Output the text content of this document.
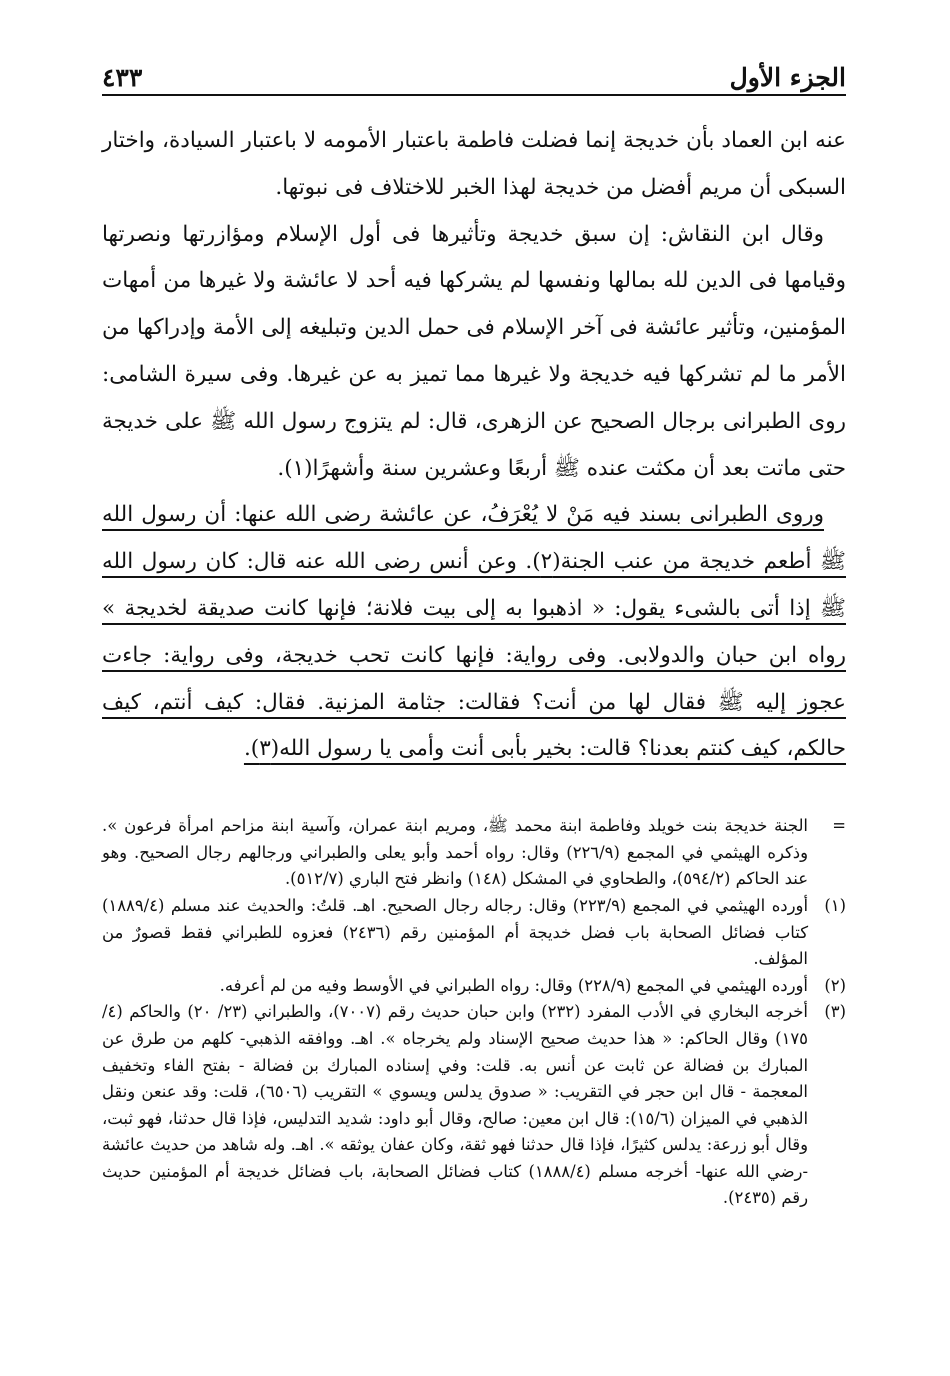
الجزء الأول
٤٣٣

عنه ابن العماد بأن خديجة إنما فضلت فاطمة باعتبار الأمومه لا باعتبار السيادة، واختار السبكى أن مريم أفضل من خديجة لهذا الخبر للاختلاف فى نبوتها.

وقال ابن النقاش: إن سبق خديجة وتأثيرها فى أول الإسلام ومؤازرتها ونصرتها وقيامها فى الدين لله بمالها ونفسها لم يشركها فيه أحد لا عائشة ولا غيرها من أمهات المؤمنين، وتأثير عائشة فى آخر الإسلام فى حمل الدين وتبليغه إلى الأمة وإدراكها من الأمر ما لم تشركها فيه خديجة ولا غيرها مما تميز به عن غيرها. وفى سيرة الشامى: روى الطبرانى برجال الصحيح عن الزهرى، قال: لم يتزوج رسول الله ﷺ على خديجة حتى ماتت بعد أن مكثت عنده ﷺ أربعًا وعشرين سنة وأشهرًا(١).

وروى الطبرانى بسند فيه مَنْ لا يُعْرَفُ، عن عائشة رضى الله عنها: أن رسول الله ﷺ أطعم خديجة من عنب الجنة(٢). وعن أنس رضى الله عنه قال: كان رسول الله ﷺ إذا أتى بالشىء يقول: « اذهبوا به إلى بيت فلانة؛ فإنها كانت صديقة لخديجة » رواه ابن حبان والدولابى. وفى رواية: فإنها كانت تحب خديجة، وفى رواية: جاءت عجوز إليه ﷺ فقال لها من أنت؟ فقالت: جثامة المزنية. فقال: كيف أنتم، كيف حالكم، كيف كنتم بعدنا؟ قالت: بخير بأبى أنت وأمى يا رسول الله(٣).

=
الجنة خديجة بنت خويلد وفاطمة ابنة محمد ﷺ، ومريم ابنة عمران، وآسية ابنة مزاحم امرأة فرعون ». وذكره الهيثمي في المجمع (٢٢٦/٩) وقال: رواه أحمد وأبو يعلى والطبراني ورجالهم رجال الصحيح. وهو عند الحاكم (٥٩٤/٢)، والطحاوي في المشكل (١٤٨) وانظر فتح الباري (٥١٢/٧).
(١)
أورده الهيثمي في المجمع (٢٢٣/٩) وقال: رجاله رجال الصحيح. اهـ. قلتُ: والحديث عند مسلم (١٨٨٩/٤) كتاب فضائل الصحابة باب فضل خديجة أم المؤمنين رقم (٢٤٣٦) فعزوه للطبراني فقط قصورٌ من المؤلف.
(٢)
أورده الهيثمي في المجمع (٢٢٨/٩) وقال: رواه الطبراني في الأوسط وفيه من لم أعرفه.
(٣)
أخرجه البخاري في الأدب المفرد (٢٣٢) وابن حبان حديث رقم (٧٠٠٧)، والطبراني (٢٣/ ٢٠) والحاكم (٤/ ١٧٥) وقال الحاكم: « هذا حديث صحيح الإسناد ولم يخرجاه ». اهـ. ووافقه الذهبي- كلهم من طرق عن المبارك بن فضالة عن ثابت عن أنس به. قلت: وفي إسناده المبارك بن فضالة - بفتح الفاء وتخفيف المعجمة - قال ابن حجر في التقريب: « صدوق يدلس ويسوي » التقريب (٦٥٠٦)، قلت: وقد عنعن ونقل الذهبي في الميزان (١٥/٦): قال ابن معين: صالح، وقال أبو داود: شديد التدليس، فإذا قال حدثنا، فهو ثبت، وقال أبو زرعة: يدلس كثيرًا، فإذا قال حدثنا فهو ثقة، وكان عفان يوثقه ». اهـ. وله شاهد من حديث عائشة -رضي الله عنها- أخرجه مسلم (١٨٨٨/٤) كتاب فضائل الصحابة، باب فضائل خديجة أم المؤمنين حديث رقم (٢٤٣٥).
